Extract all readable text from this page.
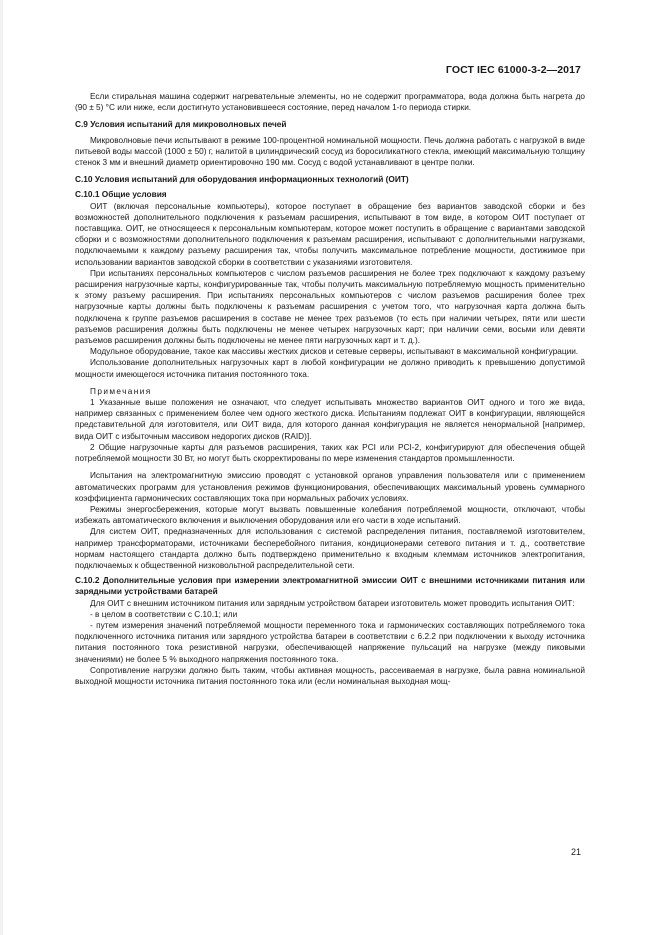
ГОСТ IEC 61000-3-2—2017

Если стиральная машина содержит нагревательные элементы, но не содержит программатора, вода должна быть нагрета до (90 ± 5) °С или ниже, если достигнуто установившееся состояние, перед началом 1-го периода стирки.

С.9 Условия испытаний для микроволновых печей

Микроволновые печи испытывают в режиме 100-процентной номинальной мощности. Печь должна работать с нагрузкой в виде питьевой воды массой (1000 ± 50) г, налитой в цилиндрический сосуд из боросиликатного стекла, имеющий максимальную толщину стенок 3 мм и внешний диаметр ориентировочно 190 мм. Сосуд с водой устанавливают в центре полки.

С.10 Условия испытаний для оборудования информационных технологий (ОИТ)
С.10.1 Общие условия

ОИТ (включая персональные компьютеры), которое поступает в обращение без вариантов заводской сборки и без возможностей дополнительного подключения к разъемам расширения, испытывают в том виде, в котором ОИТ поступает от поставщика. ОИТ, не относящееся к персональным компьютерам, которое может поступить в обращение с вариантами заводской сборки и с возможностями дополнительного подключения к разъемам расширения, испытывают с дополнительными нагрузками, подключаемыми к каждому разъему расширения так, чтобы получить максимальное потребление мощности, достижимое при использовании вариантов заводской сборки в соответствии с указаниями изготовителя.

При испытаниях персональных компьютеров с числом разъемов расширения не более трех подключают к каждому разъему расширения нагрузочные карты, конфигурированные так, чтобы получить максимальную потребляемую мощность применительно к этому разъему расширения. При испытаниях персональных компьютеров с числом разъемов расширения более трех нагрузочные карты должны быть подключены к разъемам расширения с учетом того, что нагрузочная карта должна быть подключена к группе разъемов расширения в составе не менее трех разъемов (то есть при наличии четырех, пяти или шести разъемов расширения должны быть подключены не менее четырех нагрузочных карт; при наличии семи, восьми или девяти разъемов расширения должны быть подключены не менее пяти нагрузочных карт и т. д.).

Модульное оборудование, такое как массивы жестких дисков и сетевые серверы, испытывают в максимальной конфигурации.

Использование дополнительных нагрузочных карт в любой конфигурации не должно приводить к превышению допустимой мощности имеющегося источника питания постоянного тока.

Примечания

1 Указанные выше положения не означают, что следует испытывать множество вариантов ОИТ одного и того же вида, например связанных с применением более чем одного жесткого диска. Испытаниям подлежат ОИТ в конфигурации, являющейся представительной для изготовителя, или ОИТ вида, для которого данная конфигурация не является ненормальной [например, вида ОИТ с избыточным массивом недорогих дисков (RAID)].

2 Общие нагрузочные карты для разъемов расширения, таких как PCI или PCI-2, конфигурируют для обеспечения общей потребляемой мощности 30 Вт, но могут быть скорректированы по мере изменения стандартов промышленности.

Испытания на электромагнитную эмиссию проводят с установкой органов управления пользователя или с применением автоматических программ для установления режимов функционирования, обеспечивающих максимальный уровень суммарного коэффициента гармонических составляющих тока при нормальных рабочих условиях.

Режимы энергосбережения, которые могут вызвать повышенные колебания потребляемой мощности, отключают, чтобы избежать автоматического включения и выключения оборудования или его части в ходе испытаний.

Для систем ОИТ, предназначенных для использования с системой распределения питания, поставляемой изготовителем, например трансформаторами, источниками бесперебойного питания, кондиционерами сетевого питания и т. д., соответствие нормам настоящего стандарта должно быть подтверждено применительно к входным клеммам источников электропитания, подключаемых к общественной низковольтной распределительной сети.

С.10.2 Дополнительные условия при измерении электромагнитной эмиссии ОИТ с внешними источниками питания или зарядными устройствами батарей

Для ОИТ с внешним источником питания или зарядным устройством батареи изготовитель может проводить испытания ОИТ:

- в целом в соответствии с С.10.1; или

- путем измерения значений потребляемой мощности переменного тока и гармонических составляющих потребляемого тока подключенного источника питания или зарядного устройства батареи в соответствии с 6.2.2 при подключении к выходу источника питания постоянного тока резистивной нагрузки, обеспечивающей напряжение пульсаций на нагрузке (между пиковыми значениями) не более 5 % выходного напряжения постоянного тока.

Сопротивление нагрузки должно быть таким, чтобы активная мощность, рассеиваемая в нагрузке, была равна номинальной выходной мощности источника питания постоянного тока или (если номинальная выходная мощ-

21
